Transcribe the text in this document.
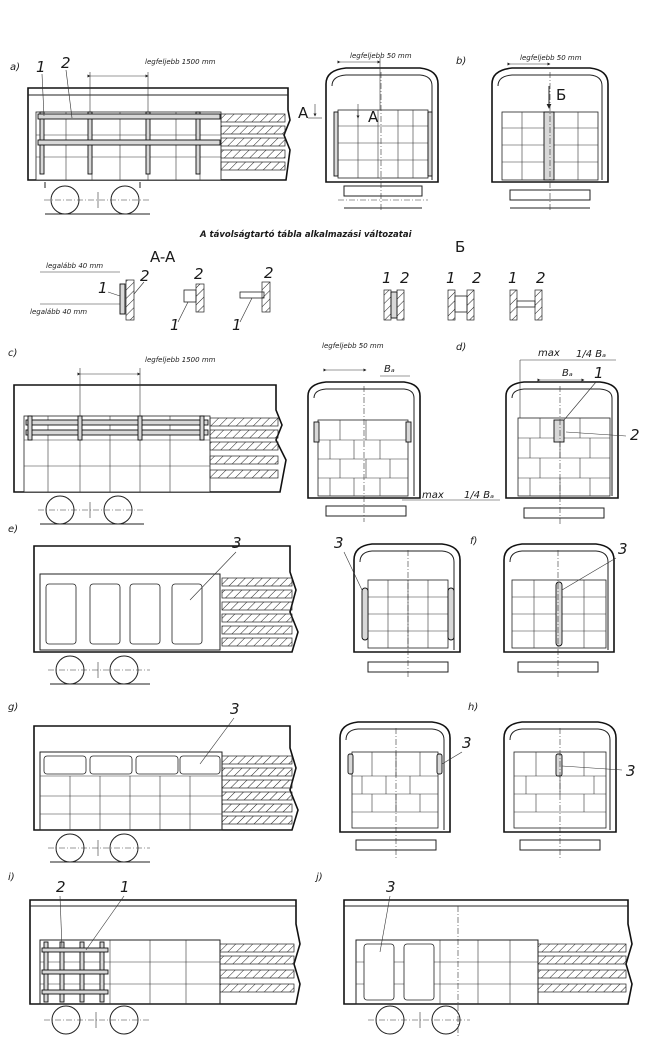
a)	legfeljebb 1500 mm
1 2
A
legfeljebb 50 mm
A
b)	legfeljebb 50 mm
Б
A távolságtartó tábla alkalmazási változatai
A-A
legalább 40 mm
legalább 40 mm
1
2	2
1
2
1
Б
1 2 1 2 1 2
c)
legfeljebb 1500 mm
legfeljebb 50 mm
Bₐ
max 1/4 Bₐ
d)
max 1/4 Bₐ
Bₐ 1
2
e)
3	3	f)	3
g)	3
3
h)
3
i)
2	1
j)
3
